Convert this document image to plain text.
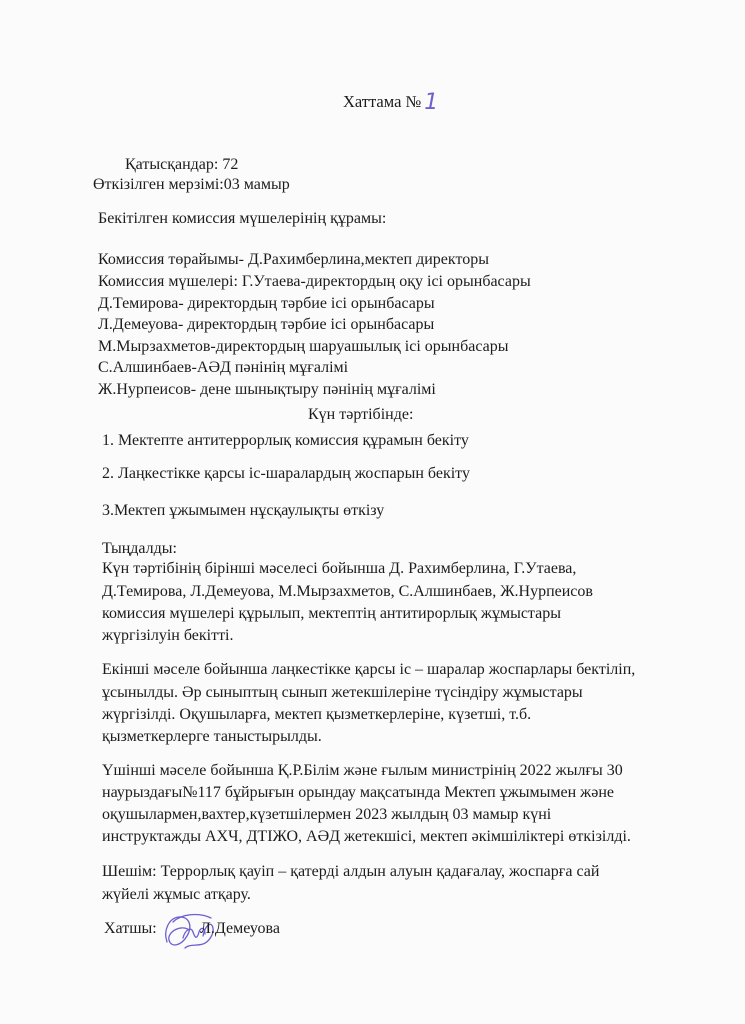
Хаттама № 1

Қатысқандар: 72

Өткізілген мерзімі:03 мамыр

Бекітілген комиссия мүшелерінің құрамы:

Комиссия төрайымы- Д.Рахимберлина,мектеп директоры

Комиссия мүшелері: Г.Утаева-директордың оқу ісі орынбасары

Д.Темирова- директордың тәрбие ісі орынбасары

Л.Демеуова- директордың тәрбие ісі орынбасары

М.Мырзахметов-директордың шаруашылық ісі орынбасары

С.Алшинбаев-АӘД пәнінің мұғалімі

Ж.Нурпеисов- дене шынықтыру пәнінің мұғалімі

Күн тәртібінде:

1. Мектепте антитеррорлық комиссия құрамын бекіту

2. Лаңкестікке қарсы іс-шаралардың жоспарын бекіту

3.Мектеп ұжымымен нұсқаулықты өткізу

Тыңдалды:

Күн тәртібінің бірінші мәселесі бойынша Д. Рахимберлина, Г.Утаева,

Д.Темирова, Л.Демеуова, М.Мырзахметов, С.Алшинбаев, Ж.Нурпеисов

комиссия мүшелері құрылып, мектептің антитирорлық жұмыстары

жүргізілуін бекітті.

Екінші мәселе бойынша лаңкестікке қарсы іс – шаралар жоспарлары бектіліп,

ұсынылды. Әр сыныптың сынып жетекшілеріне түсіндіру жұмыстары

жүргізілді. Оқушыларға, мектеп қызметкерлеріне, күзетші, т.б.

қызметкерлерге таныстырылды.

Үшінші мәселе бойынша Қ.Р.Білім және ғылым министрінің 2022 жылғы 30

наурыздағы№117 бұйрығын орындау мақсатында Мектеп ұжымымен және

оқушылармен,вахтер,күзетшілермен 2023 жылдың 03 мамыр күні

инструктажды АХЧ, ДТІЖО, АӘД жетекшісі, мектеп әкімшіліктері өткізілді.

Шешім: Террорлық қауіп – қатерді алдын алуын қадағалау, жоспарға сай

жүйелі жұмыс атқару.

Хатшы:	Л.Демеуова
